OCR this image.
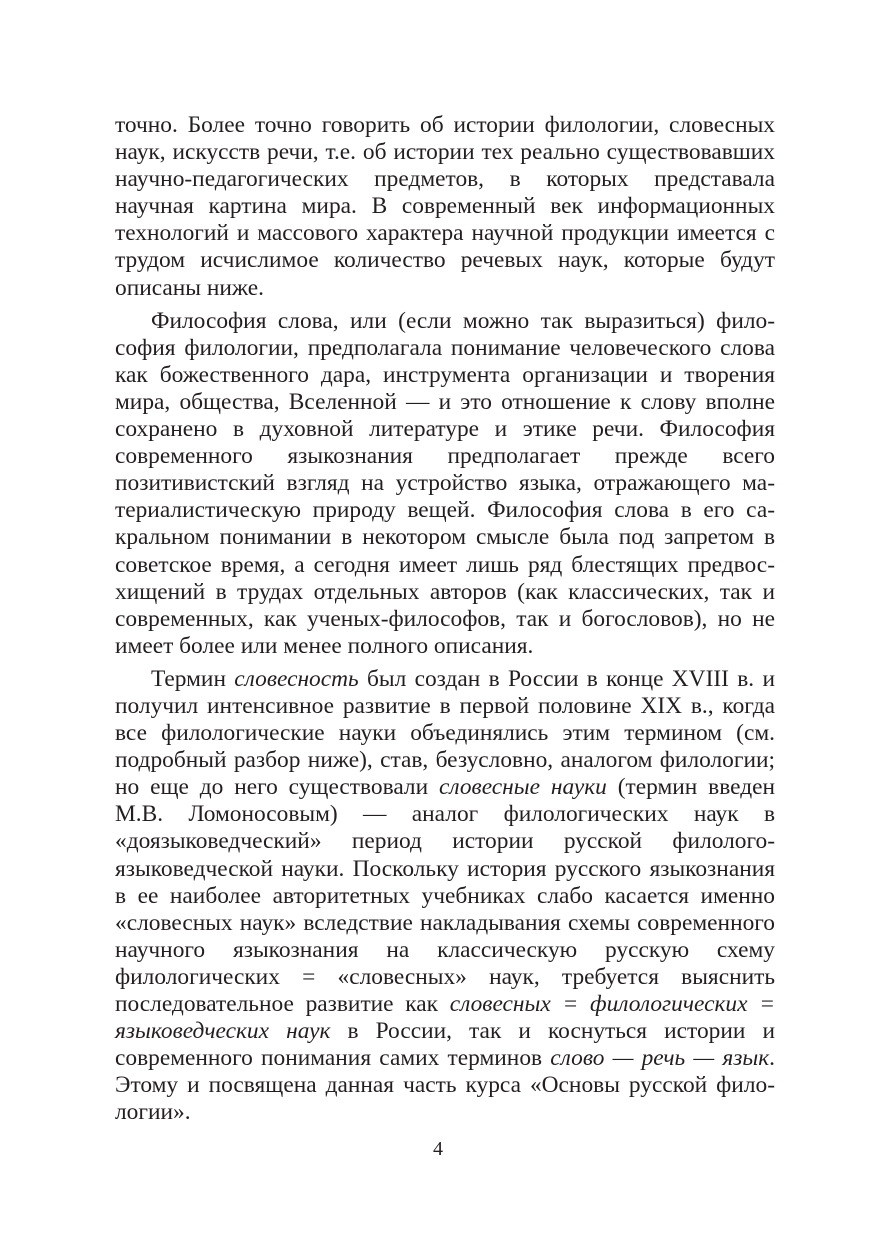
точно. Более точно говорить об истории филологии, словесных наук, искусств речи, т.е. об истории тех реально существовавших научно-педагогических предметов, в которых представала научная картина мира. В современный век информационных технологий и массового характера научной продукции имеется с трудом исчислимое количество речевых наук, которые будут описаны ниже.

Философия слова, или (если можно так выразиться) философия филологии, предполагала понимание человеческого слова как божественного дара, инструмента организации и творения мира, общества, Вселенной — и это отношение к слову вполне сохранено в духовной литературе и этике речи. Философия современного языкознания предполагает прежде всего позитивистский взгляд на устройство языка, отражающего материалистическую природу вещей. Философия слова в его сакральном понимании в некотором смысле была под запретом в советское время, а сегодня имеет лишь ряд блестящих предвосхищений в трудах отдельных авторов (как классических, так и современных, как ученых-философов, так и богословов), но не имеет более или менее полного описания.

Термин словесность был создан в России в конце XVIII в. и получил интенсивное развитие в первой половине XIX в., когда все филологические науки объединялись этим термином (см. подробный разбор ниже), став, безусловно, аналогом филологии; но еще до него существовали словесные науки (термин введен М.В. Ломоносовым) — аналог филологических наук в «доязыковедческий» период истории русской филолого-языковедческой науки. Поскольку история русского языкознания в ее наиболее авторитетных учебниках слабо касается именно «словесных наук» вследствие накладывания схемы современного научного языкознания на классическую русскую схему филологических = «словесных» наук, требуется выяснить последовательное развитие как словесных = филологических = языковедческих наук в России, так и коснуться истории и современного понимания самих терминов слово — речь — язык. Этому и посвящена данная часть курса «Основы русской филологии».

4
